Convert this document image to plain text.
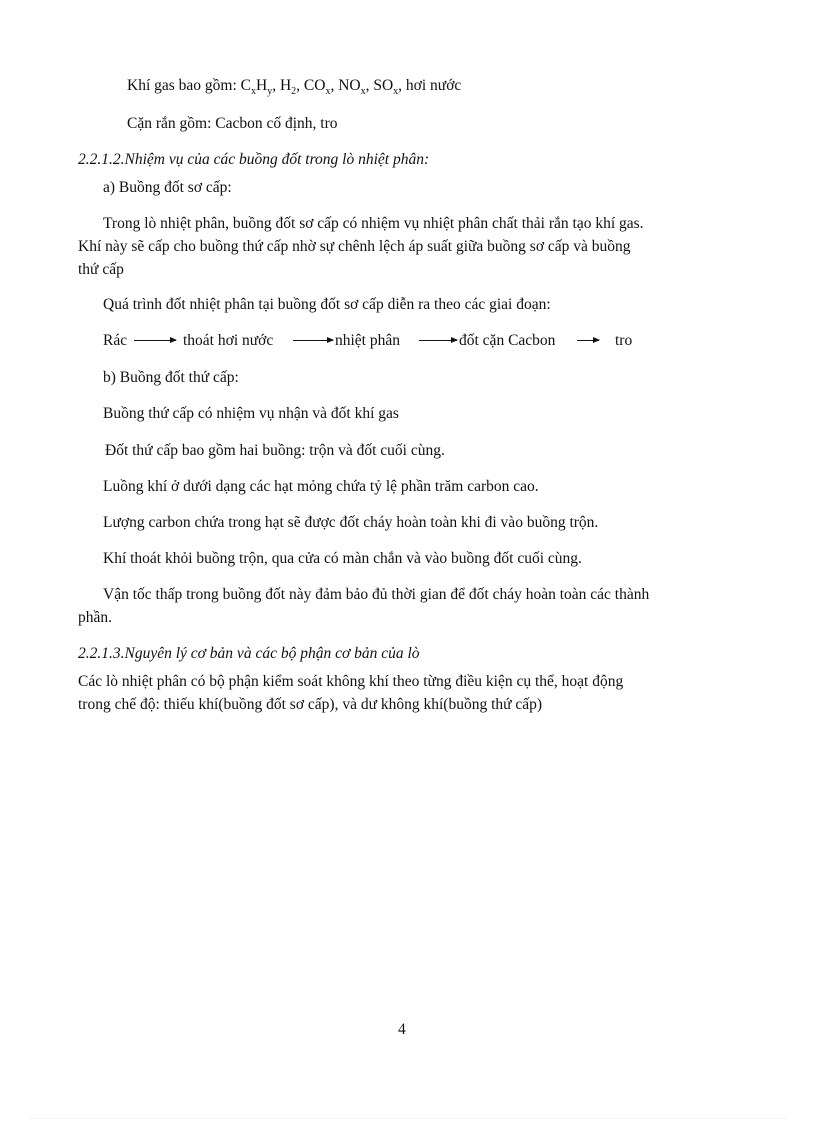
Khí gas bao gồm: $C_xH_y$, $H_2$, $CO_x$, $NO_x$, $SO_x$, hơi nước
Cặn rắn gồm: Cacbon cố định, tro
2.2.1.2.Nhiệm vụ của các buồng đốt trong lò nhiệt phân:
a) Buồng đốt sơ cấp:
Trong lò nhiệt phân, buồng đốt sơ cấp có nhiệm vụ nhiệt phân chất thải rắn tạo khí gas.
Khí này sẽ cấp cho buồng thứ cấp nhờ sự chênh lệch áp suất giữa buồng sơ cấp và buồng
thứ cấp
Quá trình đốt nhiệt phân tại buồng đốt sơ cấp diễn ra theo các giai đoạn:
Rác	thoát hơi nước	nhiệt phân	đốt cặn Cacbon	tro
b) Buồng đốt thứ cấp:
Buồng thứ cấp có nhiệm vụ nhận và đốt khí gas
Đốt thứ cấp bao gồm hai buồng: trộn và đốt cuối cùng.
Luồng khí ở dưới dạng các hạt mỏng chứa tỷ lệ phần trăm carbon cao.
Lượng carbon chứa trong hạt sẽ được đốt cháy hoàn toàn khi đi vào buồng trộn.
Khí thoát khỏi buồng trộn, qua cửa có màn chắn và vào buồng đốt cuối cùng.
Vận tốc thấp trong buồng đốt này đảm bảo đủ thời gian để đốt cháy hoàn toàn các thành
phần.
2.2.1.3.Nguyên lý cơ bản và các bộ phận cơ bản của lò
Các lò nhiệt phân có bộ phận kiểm soát không khí theo từng điều kiện cụ thể, hoạt động
trong chế độ: thiếu khí(buồng đốt sơ cấp), và dư không khí(buồng thứ cấp)
4
